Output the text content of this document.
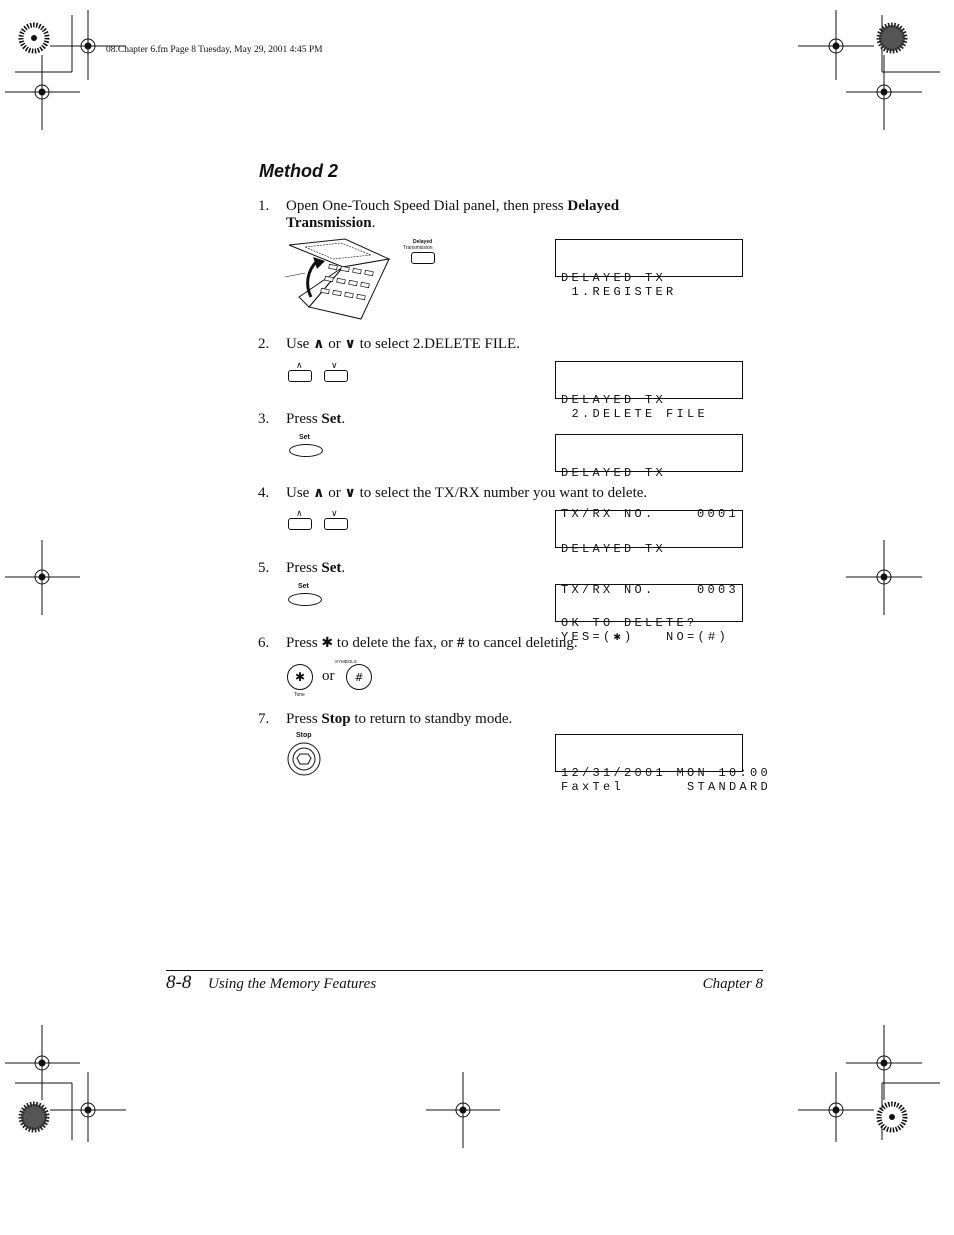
08.Chapter 6.fm Page 8 Tuesday, May 29, 2001 4:45 PM
Method 2
1. Open One-Touch Speed Dial panel, then press Delayed
Transmission.
Delayed
Transmission

DELAYED TX
1.REGISTER

2. Use ∧ or ∨ to select 2.DELETE FILE.
∧	∨

DELAYED TX
2.DELETE FILE

3. Press Set.
Set

DELAYED TX

TX/RX NO.	0001

4. Use ∧ or ∨ to select the TX/RX number you want to delete.
∧	∨

DELAYED TX

TX/RX NO.	0003

5. Press Set.
Set

OK TO DELETE?
YES=(✱)   NO=(#)

6. Press ✱ to delete the fax, or # to cancel deleting.
✱
Tone
or
SYMBOLS
#
7. Press Stop to return to standby mode.
Stop

12/31/2001 MON 10:00
FaxTel      STANDARD

8-8 Using the Memory Features	Chapter 8
